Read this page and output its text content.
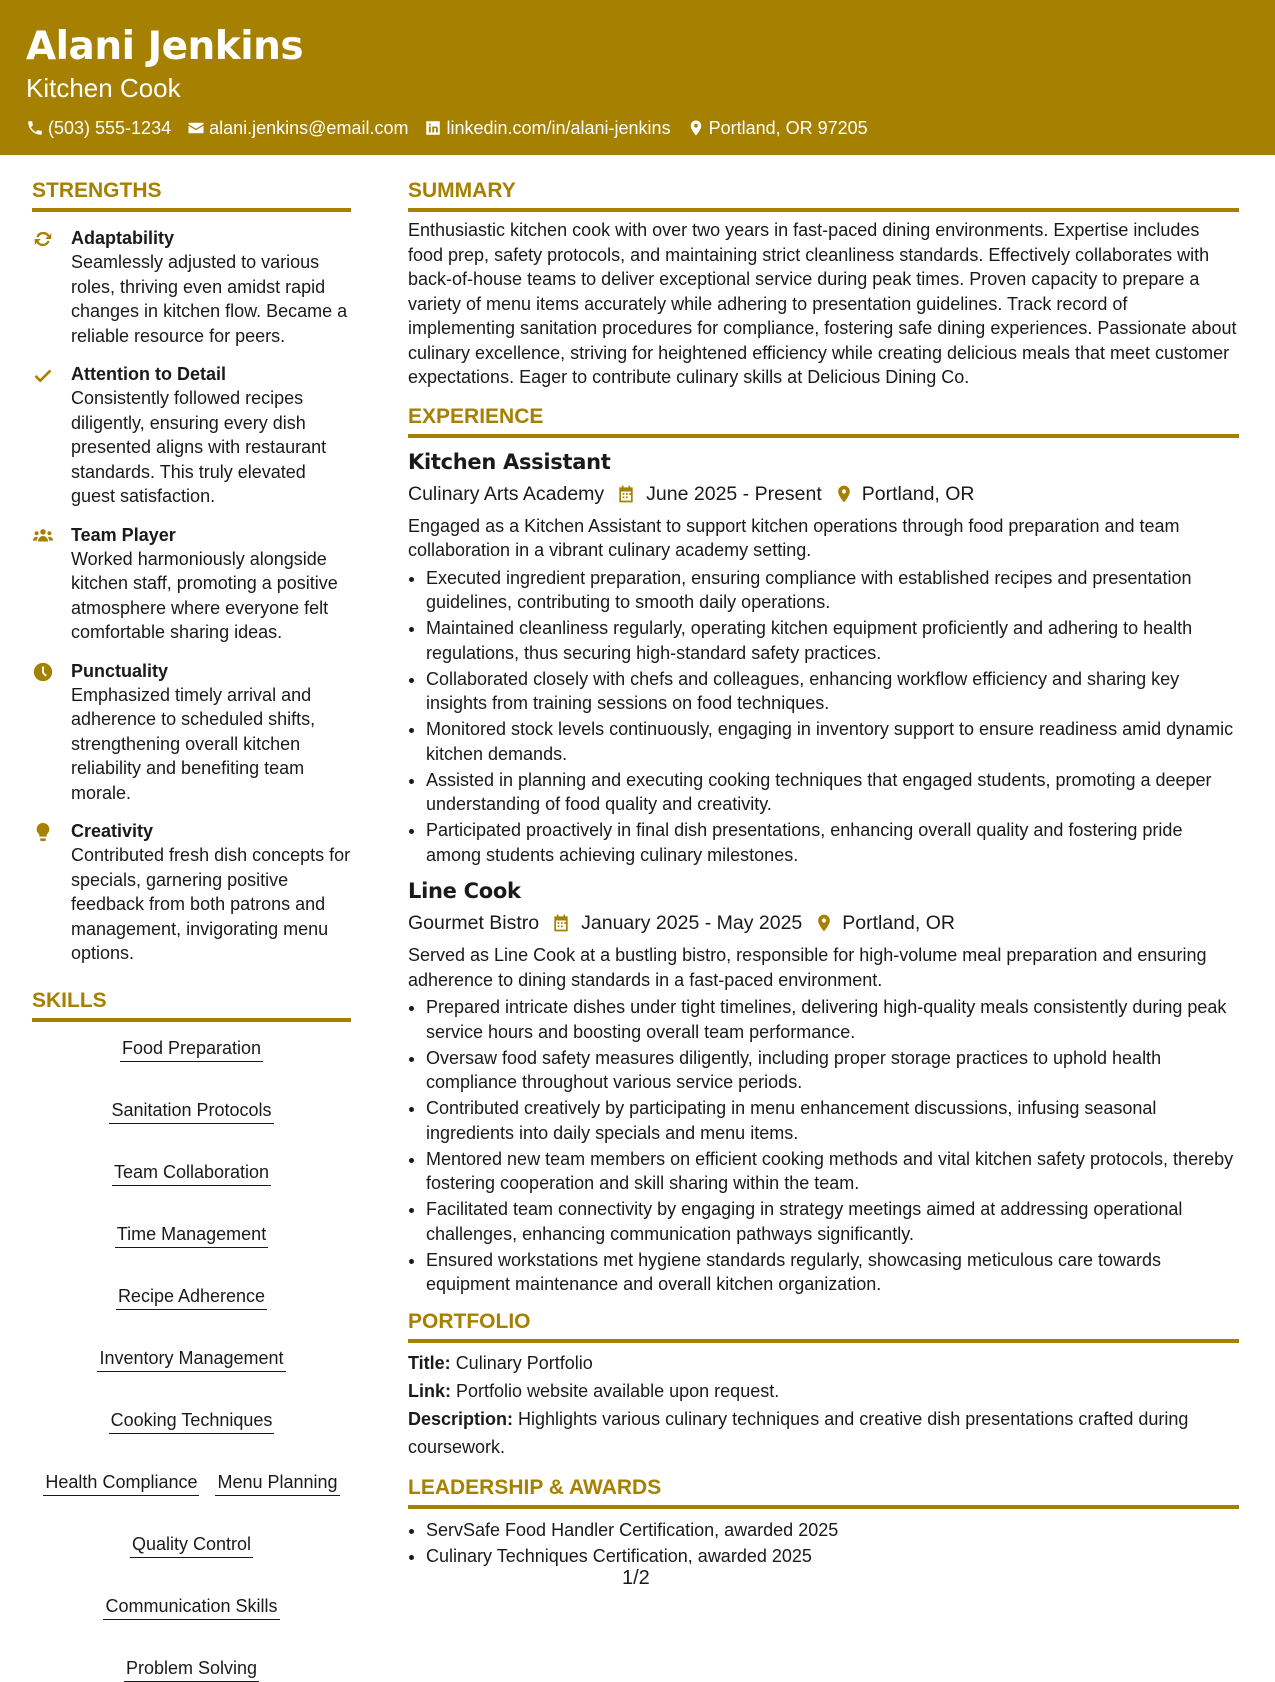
Alani Jenkins
Kitchen Cook
(503) 555-1234 alani.jenkins@email.com linkedin.com/in/alani-jenkins Portland, OR 97205
STRENGTHS
Adaptability
Seamlessly adjusted to various roles, thriving even amidst rapid changes in kitchen flow. Became a reliable resource for peers.
Attention to Detail
Consistently followed recipes diligently, ensuring every dish presented aligns with restaurant standards. This truly elevated guest satisfaction.
Team Player
Worked harmoniously alongside kitchen staff, promoting a positive atmosphere where everyone felt comfortable sharing ideas.
Punctuality
Emphasized timely arrival and adherence to scheduled shifts, strengthening overall kitchen reliability and benefiting team morale.
Creativity
Contributed fresh dish concepts for specials, garnering positive feedback from both patrons and management, invigorating menu options.
SKILLS
Food Preparation
Sanitation Protocols
Team Collaboration
Time Management
Recipe Adherence
Inventory Management
Cooking Techniques
Health Compliance Menu Planning
Quality Control
Communication Skills
Problem Solving
SUMMARY
Enthusiastic kitchen cook with over two years in fast-paced dining environments. Expertise includes food prep, safety protocols, and maintaining strict cleanliness standards. Effectively collaborates with back-of-house teams to deliver exceptional service during peak times. Proven capacity to prepare a variety of menu items accurately while adhering to presentation guidelines. Track record of implementing sanitation procedures for compliance, fostering safe dining experiences. Passionate about culinary excellence, striving for heightened efficiency while creating delicious meals that meet customer expectations. Eager to contribute culinary skills at Delicious Dining Co.
EXPERIENCE
Kitchen Assistant
Culinary Arts Academy June 2025 - Present Portland, OR
Engaged as a Kitchen Assistant to support kitchen operations through food preparation and team collaboration in a vibrant culinary academy setting.
• Executed ingredient preparation, ensuring compliance with established recipes and presentation guidelines, contributing to smooth daily operations.
• Maintained cleanliness regularly, operating kitchen equipment proficiently and adhering to health regulations, thus securing high-standard safety practices.
• Collaborated closely with chefs and colleagues, enhancing workflow efficiency and sharing key insights from training sessions on food techniques.
• Monitored stock levels continuously, engaging in inventory support to ensure readiness amid dynamic kitchen demands.
• Assisted in planning and executing cooking techniques that engaged students, promoting a deeper understanding of food quality and creativity.
• Participated proactively in final dish presentations, enhancing overall quality and fostering pride among students achieving culinary milestones.
Line Cook
Gourmet Bistro January 2025 - May 2025 Portland, OR
Served as Line Cook at a bustling bistro, responsible for high-volume meal preparation and ensuring adherence to dining standards in a fast-paced environment.
• Prepared intricate dishes under tight timelines, delivering high-quality meals consistently during peak service hours and boosting overall team performance.
• Oversaw food safety measures diligently, including proper storage practices to uphold health compliance throughout various service periods.
• Contributed creatively by participating in menu enhancement discussions, infusing seasonal ingredients into daily specials and menu items.
• Mentored new team members on efficient cooking methods and vital kitchen safety protocols, thereby fostering cooperation and skill sharing within the team.
• Facilitated team connectivity by engaging in strategy meetings aimed at addressing operational challenges, enhancing communication pathways significantly.
• Ensured workstations met hygiene standards regularly, showcasing meticulous care towards equipment maintenance and overall kitchen organization.
PORTFOLIO
Title: Culinary Portfolio
Link: Portfolio website available upon request.
Description: Highlights various culinary techniques and creative dish presentations crafted during coursework.
LEADERSHIP & AWARDS
• ServSafe Food Handler Certification, awarded 2025
• Culinary Techniques Certification, awarded 2025
1/2
